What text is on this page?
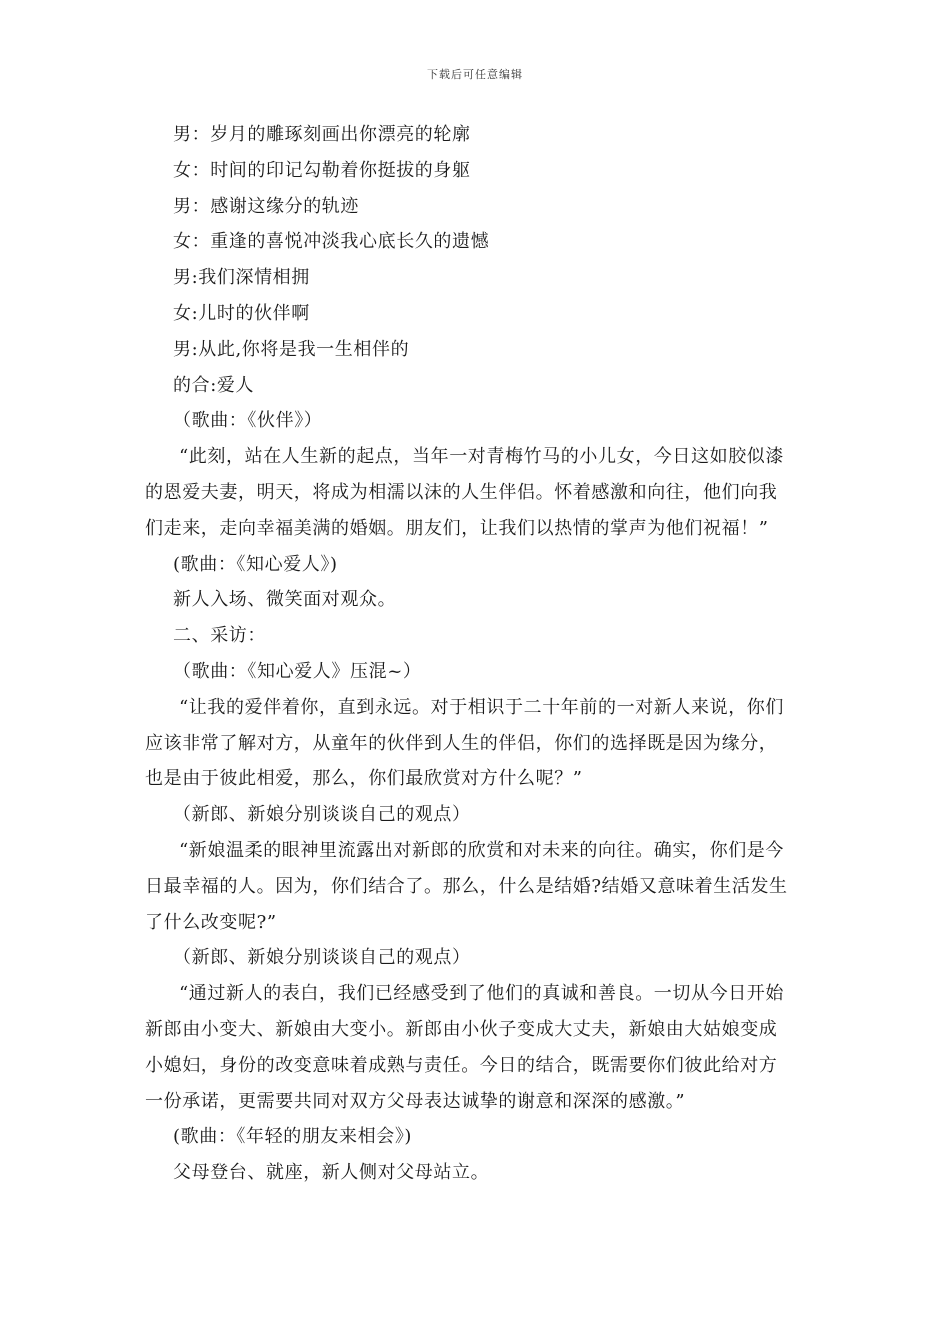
下载后可任意编辑
男：岁月的雕琢刻画出你漂亮的轮廓
女：时间的印记勾勒着你挺拔的身躯
男：感谢这缘分的轨迹
女：重逢的喜悦冲淡我心底长久的遗憾
男:我们深情相拥
女:儿时的伙伴啊
男:从此,你将是我一生相伴的
的合:爱人
（歌曲：《伙伴》）
“此刻，站在人生新的起点，当年一对青梅竹马的小儿女，今日这如胶似漆
的恩爱夫妻，明天，将成为相濡以沫的人生伴侣。怀着感激和向往，他们向我
们走来，走向幸福美满的婚姻。朋友们，让我们以热情的掌声为他们祝福！”
(歌曲：《知心爱人》)
新人入场、微笑面对观众。
二、采访：
（歌曲：《知心爱人》压混~）
“让我的爱伴着你，直到永远。对于相识于二十年前的一对新人来说，你们
应该非常了解对方，从童年的伙伴到人生的伴侣，你们的选择既是因为缘分，
也是由于彼此相爱，那么，你们最欣赏对方什么呢？”
（新郎、新娘分别谈谈自己的观点）
“新娘温柔的眼神里流露出对新郎的欣赏和对未来的向往。确实，你们是今
日最幸福的人。因为，你们结合了。那么，什么是结婚?结婚又意味着生活发生
了什么改变呢?”
（新郎、新娘分别谈谈自己的观点）
“通过新人的表白，我们已经感受到了他们的真诚和善良。一切从今日开始
新郎由小变大、新娘由大变小。新郎由小伙子变成大丈夫，新娘由大姑娘变成
小媳妇，身份的改变意味着成熟与责任。今日的结合，既需要你们彼此给对方
一份承诺，更需要共同对双方父母表达诚挚的谢意和深深的感激。”
(歌曲：《年轻的朋友来相会》)
父母登台、就座，新人侧对父母站立。
